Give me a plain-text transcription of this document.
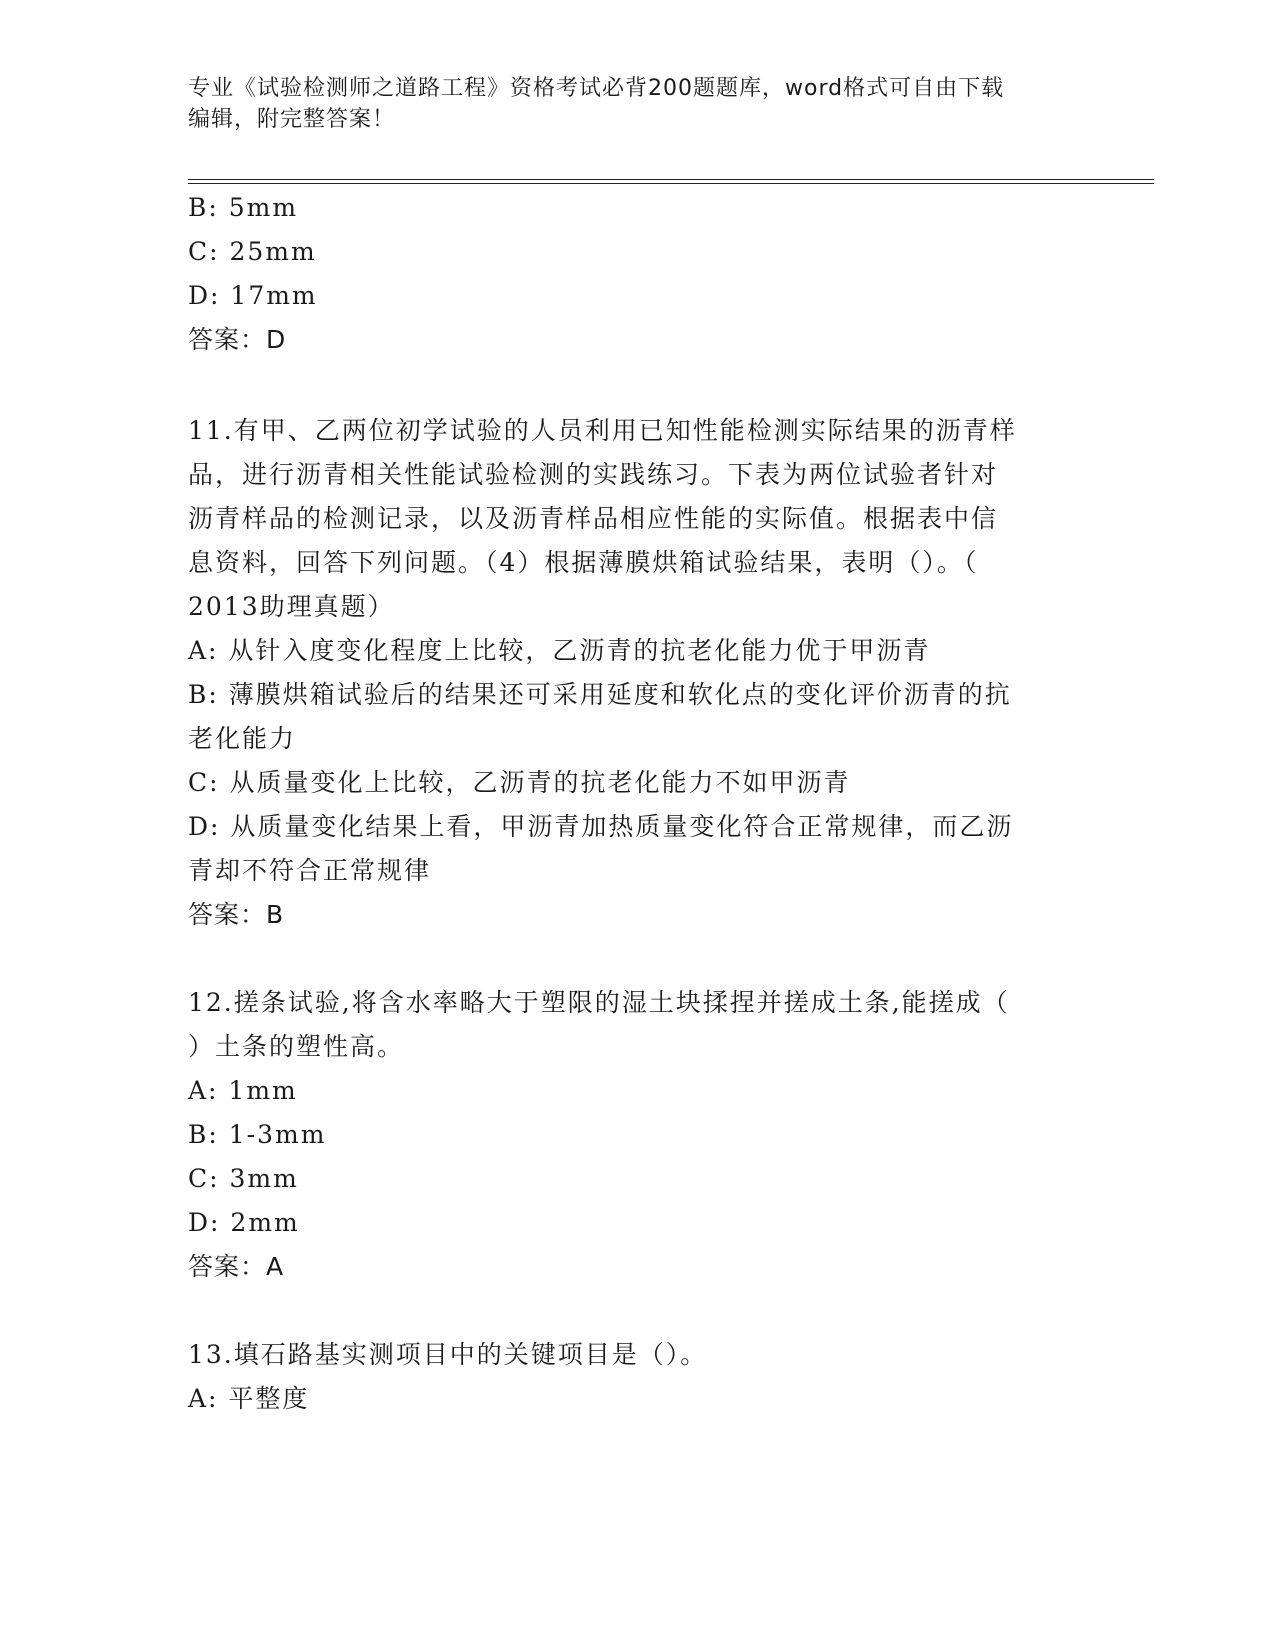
专业《试验检测师之道路工程》资格考试必背200题题库，word格式可自由下载
编辑，附完整答案！
B: 5mm
C: 25mm
D: 17mm
答案：D
11.有甲、乙两位初学试验的人员利用已知性能检测实际结果的沥青样
品，进行沥青相关性能试验检测的实践练习。下表为两位试验者针对
沥青样品的检测记录，以及沥青样品相应性能的实际值。根据表中信
息资料，回答下列问题。（4）根据薄膜烘箱试验结果，表明（）。（
2013助理真题）
A: 从针入度变化程度上比较，乙沥青的抗老化能力优于甲沥青
B: 薄膜烘箱试验后的结果还可采用延度和软化点的变化评价沥青的抗
老化能力
C: 从质量变化上比较，乙沥青的抗老化能力不如甲沥青
D: 从质量变化结果上看，甲沥青加热质量变化符合正常规律，而乙沥
青却不符合正常规律
答案：B
12.搓条试验,将含水率略大于塑限的湿土块揉捏并搓成土条,能搓成（
）土条的塑性高。
A: 1mm
B: 1-3mm
C: 3mm
D: 2mm
答案：A
13.填石路基实测项目中的关键项目是（）。
A: 平整度
